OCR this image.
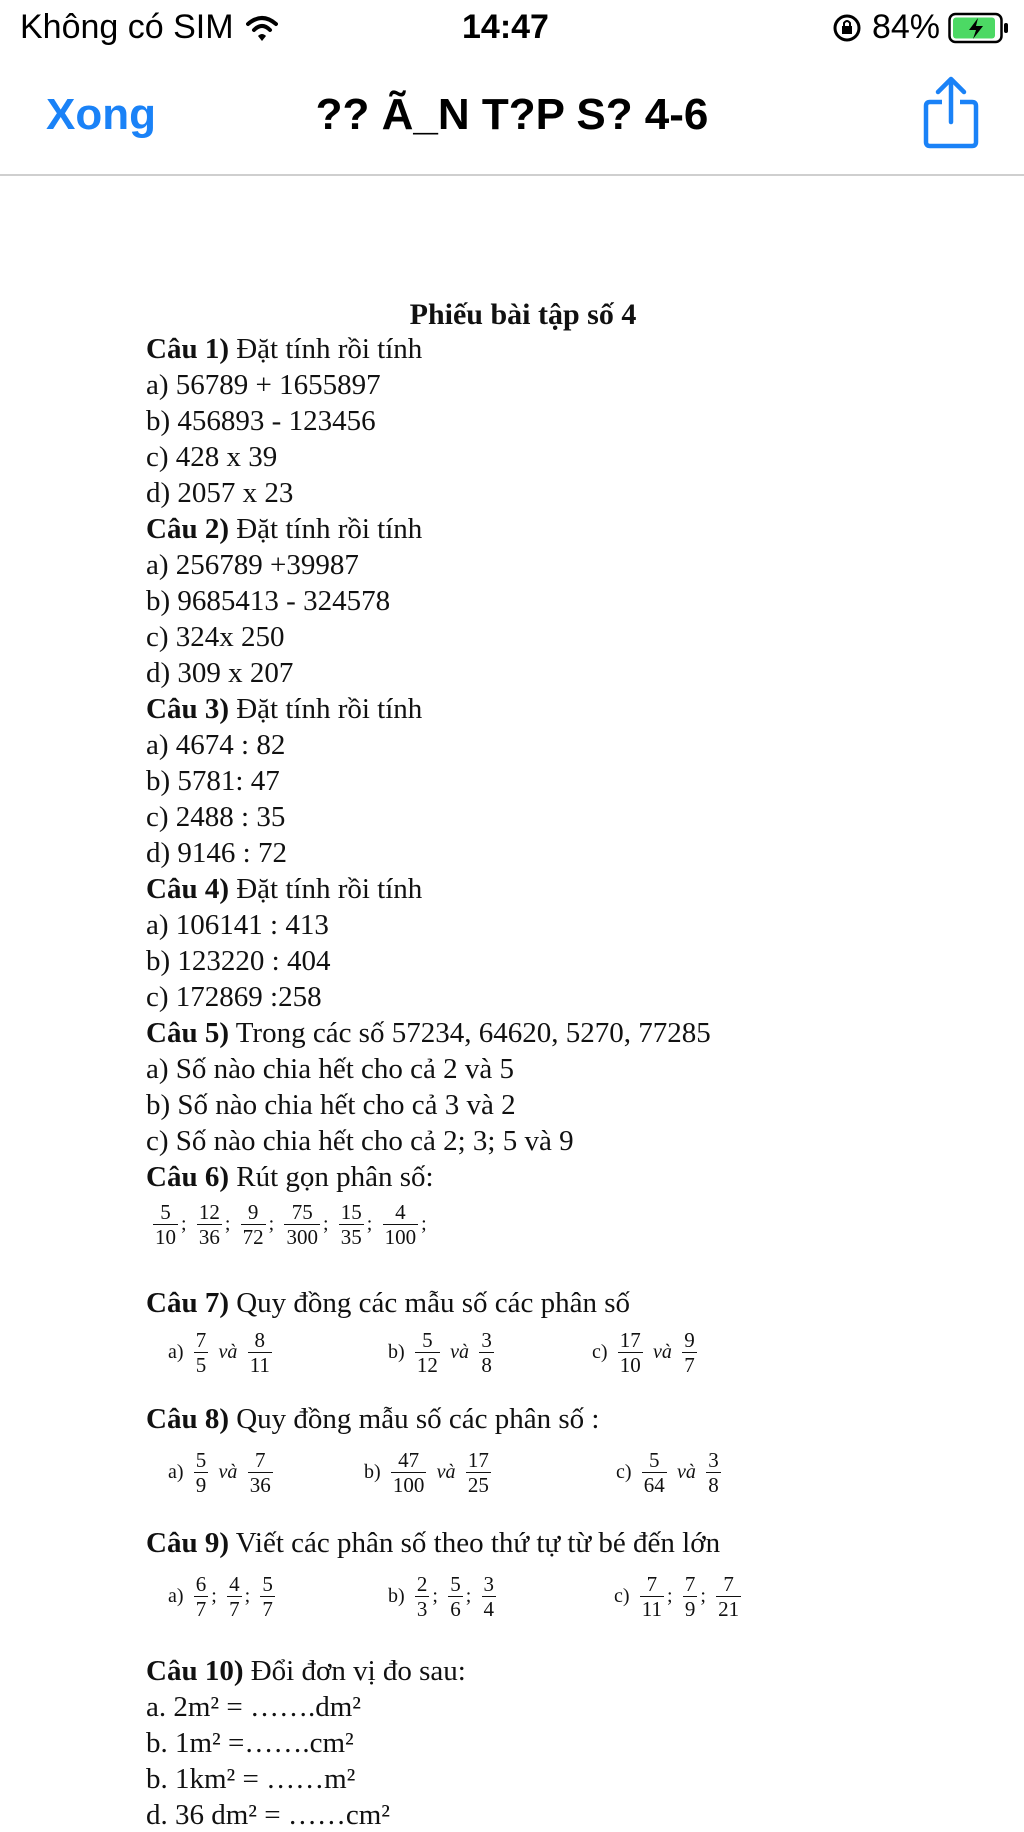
Không có SIM	14:47	84%
Xong	?? Ã_N T?P S? 4-6
Phiếu bài tập số 4
Câu 1) Đặt tính rồi tính
a) 56789 + 1655897
b) 456893 - 123456
c) 428 x 39
d) 2057 x 23
Câu 2) Đặt tính rồi tính
a) 256789 +39987
b) 9685413 - 324578
c) 324x 250
d) 309 x 207
Câu 3) Đặt tính rồi tính
a) 4674 : 82
b) 5781: 47
c) 2488 : 35
d) 9146 : 72
Câu 4) Đặt tính rồi tính
a) 106141 : 413
b) 123220 : 404
c) 172869 :258
Câu 5) Trong các số 57234, 64620, 5270, 77285
a) Số nào chia hết cho cả 2 và 5
b) Số nào chia hết cho cả 3 và 2
c) Số nào chia hết cho cả 2; 3; 5 và 9
Câu 6) Rút gọn phân số:
$\frac{5}{10}$ ; $\frac{12}{36}$ ; $\frac{9}{72}$ ; $\frac{75}{300}$ ; $\frac{15}{35}$ ; $\frac{4}{100}$ ;
Câu 7) Quy đồng các mẫu số các phân số
$a) \frac{7}{5}$ và $\frac{8}{11}$	$b) \frac{5}{12}$ và $\frac{3}{8}$	$c) \frac{17}{10}$ và $\frac{9}{7}$
Câu 8) Quy đồng mẫu số các phân số :
$a) \frac{5}{9}$ và $\frac{7}{36}$	$b) \frac{47}{100}$ và $\frac{17}{25}$	$c) \frac{5}{64}$ và $\frac{3}{8}$
Câu 9) Viết các phân số theo thứ tự từ bé đến lớn
$a) \frac{6}{7}$ ; $\frac{4}{7}$ ; $\frac{5}{7}$	$b) \frac{2}{3}$ ; $\frac{5}{6}$ ; $\frac{3}{4}$	$c) \frac{7}{11}$ ; $\frac{7}{9}$ ; $\frac{7}{21}$
Câu 10) Đổi đơn vị đo sau:
a. 2m² = …….dm²
b. 1m² =…….cm²
b. 1km² = ……m²
d. 36 dm² = ……cm²
